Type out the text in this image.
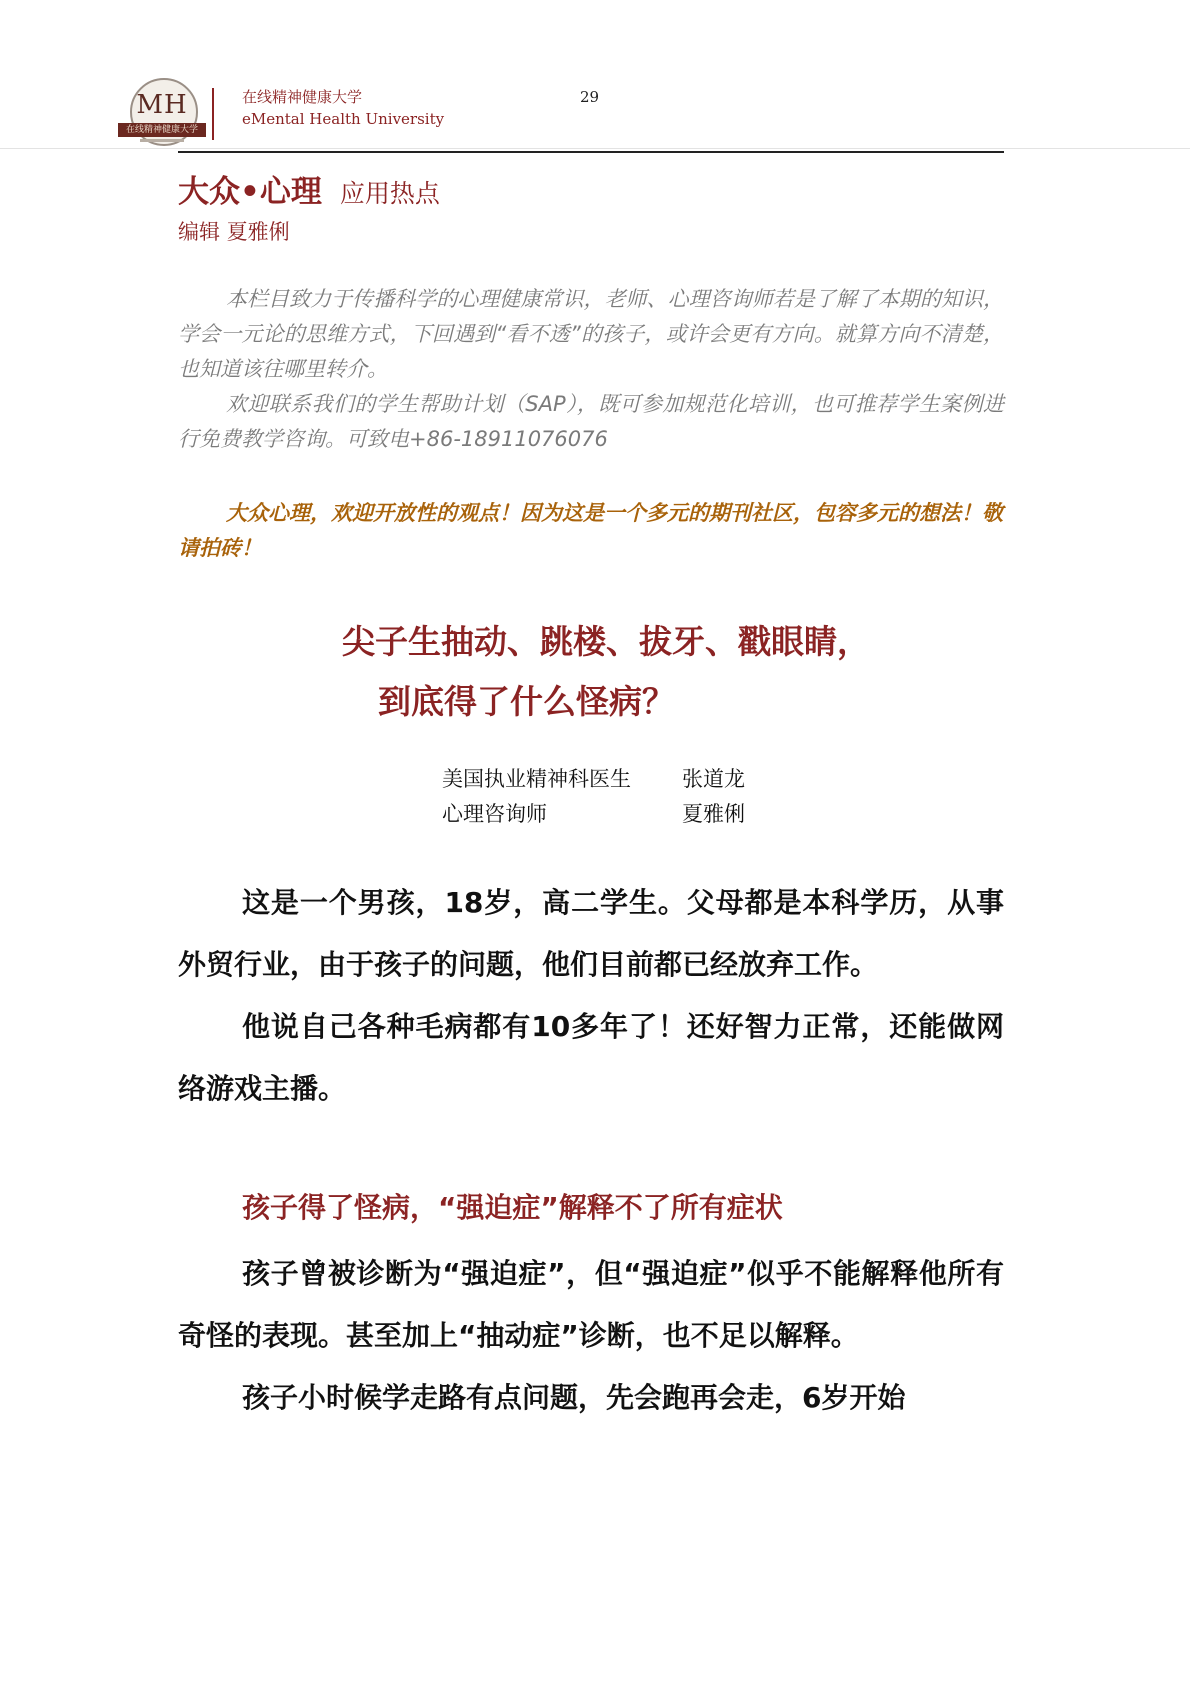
MH
在线精神健康大学
在线精神健康大学
eMental Health University
29
大众•心理 应用热点
编辑 夏雅俐

本栏目致力于传播科学的心理健康常识，老师、心理咨询师若是了解了本期的知识，学会一元论的思维方式，下回遇到“看不透”的孩子，或许会更有方向。就算方向不清楚，也知道该往哪里转介。

欢迎联系我们的学生帮助计划（SAP），既可参加规范化培训，也可推荐学生案例进行免费教学咨询。可致电+86-18911076076

大众心理，欢迎开放性的观点！因为这是一个多元的期刊社区，包容多元的想法！敬请拍砖！

尖子生抽动、跳楼、拔牙、戳眼睛，
到底得了什么怪病？
美国执业精神科医生	张道龙
心理咨询师	夏雅俐

这是一个男孩，18岁，高二学生。父母都是本科学历，从事外贸行业，由于孩子的问题，他们目前都已经放弃工作。

他说自己各种毛病都有10多年了！还好智力正常，还能做网络游戏主播。

孩子得了怪病，“强迫症”解释不了所有症状

孩子曾被诊断为“强迫症”，但“强迫症”似乎不能解释他所有奇怪的表现。甚至加上“抽动症”诊断，也不足以解释。

孩子小时候学走路有点问题，先会跑再会走，6岁开始
